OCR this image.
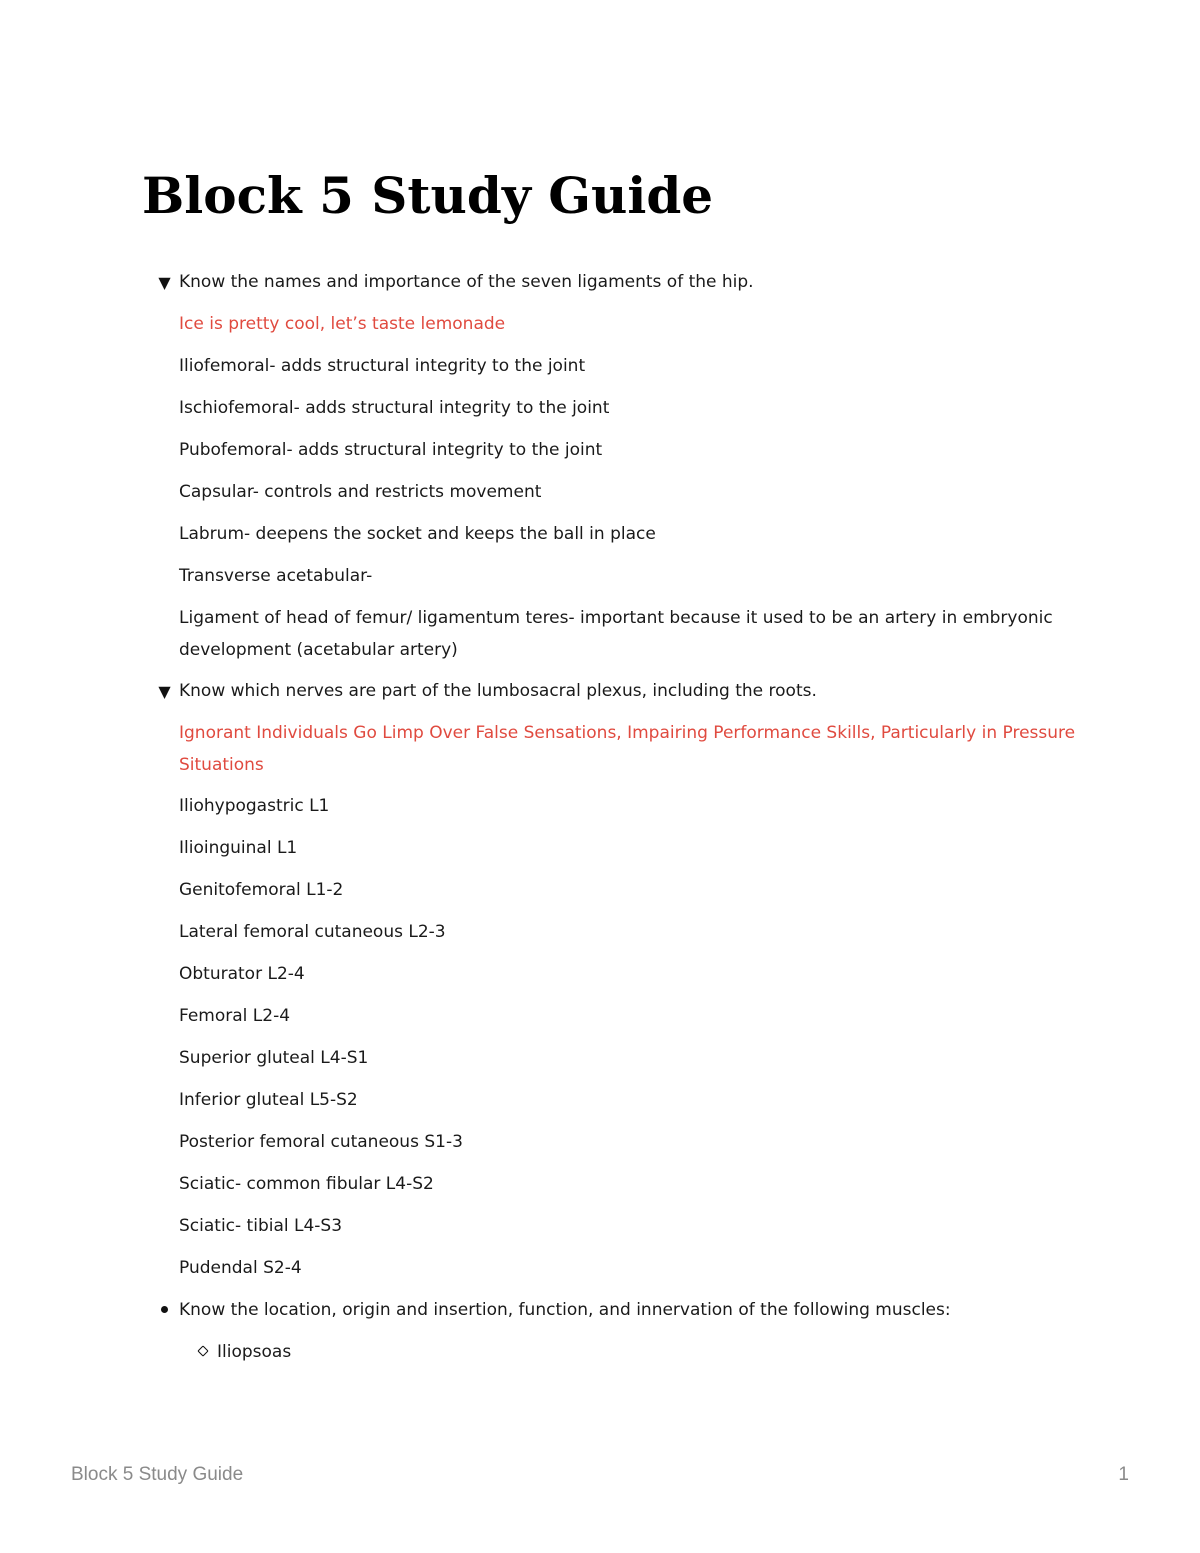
Block 5 Study Guide
▼ Know the names and importance of the seven ligaments of the hip.
Ice is pretty cool, let’s taste lemonade
Iliofemoral- adds structural integrity to the joint
Ischiofemoral- adds structural integrity to the joint
Pubofemoral- adds structural integrity to the joint
Capsular- controls and restricts movement
Labrum- deepens the socket and keeps the ball in place
Transverse acetabular-
Ligament of head of femur/ ligamentum teres- important because it used to be an artery in embryonic development (acetabular artery)
▼ Know which nerves are part of the lumbosacral plexus, including the roots.
Ignorant Individuals Go Limp Over False Sensations, Impairing Performance Skills, Particularly in Pressure Situations
Iliohypogastric L1
Ilioinguinal L1
Genitofemoral L1-2
Lateral femoral cutaneous L2-3
Obturator L2-4
Femoral L2-4
Superior gluteal L4-S1
Inferior gluteal L5-S2
Posterior femoral cutaneous S1-3
Sciatic- common fibular L4-S2
Sciatic- tibial L4-S3
Pudendal S2-4
Know the location, origin and insertion, function, and innervation of the following muscles:
Iliopsoas
Block 5 Study Guide	1
